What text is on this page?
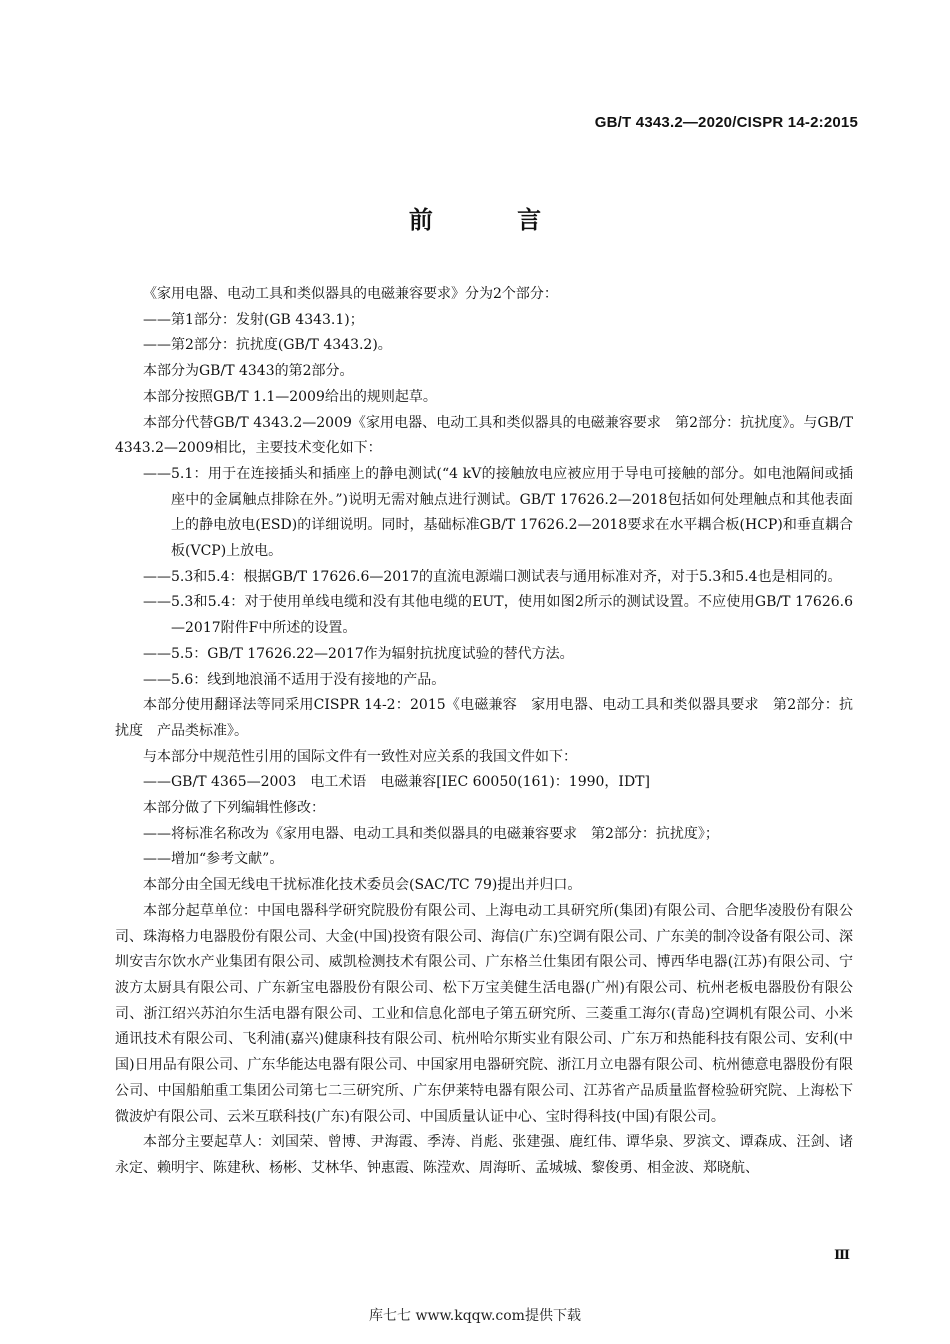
GB/T 4343.2—2020/CISPR 14-2:2015
前 言

《家用电器、电动工具和类似器具的电磁兼容要求》分为2个部分：

——第1部分：发射(GB 4343.1)；

——第2部分：抗扰度(GB/T 4343.2)。

本部分为GB/T 4343的第2部分。

本部分按照GB/T 1.1—2009给出的规则起草。

本部分代替GB/T 4343.2—2009《家用电器、电动工具和类似器具的电磁兼容要求　第2部分：抗扰度》。与GB/T 4343.2—2009相比，主要技术变化如下：

——5.1：用于在连接插头和插座上的静电测试(“4 kV的接触放电应被应用于导电可接触的部分。如电池隔间或插座中的金属触点排除在外。”)说明无需对触点进行测试。GB/T 17626.2—2018包括如何处理触点和其他表面上的静电放电(ESD)的详细说明。同时，基础标准GB/T 17626.2—2018要求在水平耦合板(HCP)和垂直耦合板(VCP)上放电。

——5.3和5.4：根据GB/T 17626.6—2017的直流电源端口测试表与通用标准对齐，对于5.3和5.4也是相同的。

——5.3和5.4：对于使用单线电缆和没有其他电缆的EUT，使用如图2所示的测试设置。不应使用GB/T 17626.6—2017附件F中所述的设置。

——5.5：GB/T 17626.22—2017作为辐射抗扰度试验的替代方法。

——5.6：线到地浪涌不适用于没有接地的产品。

本部分使用翻译法等同采用CISPR 14-2：2015《电磁兼容　家用电器、电动工具和类似器具要求　第2部分：抗扰度　产品类标准》。

与本部分中规范性引用的国际文件有一致性对应关系的我国文件如下：

——GB/T 4365—2003　电工术语　电磁兼容[IEC 60050(161)：1990，IDT]

本部分做了下列编辑性修改：

——将标准名称改为《家用电器、电动工具和类似器具的电磁兼容要求　第2部分：抗扰度》；

——增加“参考文献”。

本部分由全国无线电干扰标准化技术委员会(SAC/TC 79)提出并归口。

本部分起草单位：中国电器科学研究院股份有限公司、上海电动工具研究所(集团)有限公司、合肥华凌股份有限公司、珠海格力电器股份有限公司、大金(中国)投资有限公司、海信(广东)空调有限公司、广东美的制冷设备有限公司、深圳安吉尔饮水产业集团有限公司、威凯检测技术有限公司、广东格兰仕集团有限公司、博西华电器(江苏)有限公司、宁波方太厨具有限公司、广东新宝电器股份有限公司、松下万宝美健生活电器(广州)有限公司、杭州老板电器股份有限公司、浙江绍兴苏泊尔生活电器有限公司、工业和信息化部电子第五研究所、三菱重工海尔(青岛)空调机有限公司、小米通讯技术有限公司、飞利浦(嘉兴)健康科技有限公司、杭州哈尔斯实业有限公司、广东万和热能科技有限公司、安利(中国)日用品有限公司、广东华能达电器有限公司、中国家用电器研究院、浙江月立电器有限公司、杭州德意电器股份有限公司、中国船舶重工集团公司第七二三研究所、广东伊莱特电器有限公司、江苏省产品质量监督检验研究院、上海松下微波炉有限公司、云米互联科技(广东)有限公司、中国质量认证中心、宝时得科技(中国)有限公司。

本部分主要起草人：刘国荣、曾博、尹海霞、季涛、肖彪、张建强、鹿红伟、谭华泉、罗滨文、谭森成、汪剑、诸永定、赖明宇、陈建秋、杨彬、艾林华、钟惠霞、陈滢欢、周海昕、孟城城、黎俊勇、相金波、郑晓航、

Ⅲ
库七七 www.kqqw.com提供下载
